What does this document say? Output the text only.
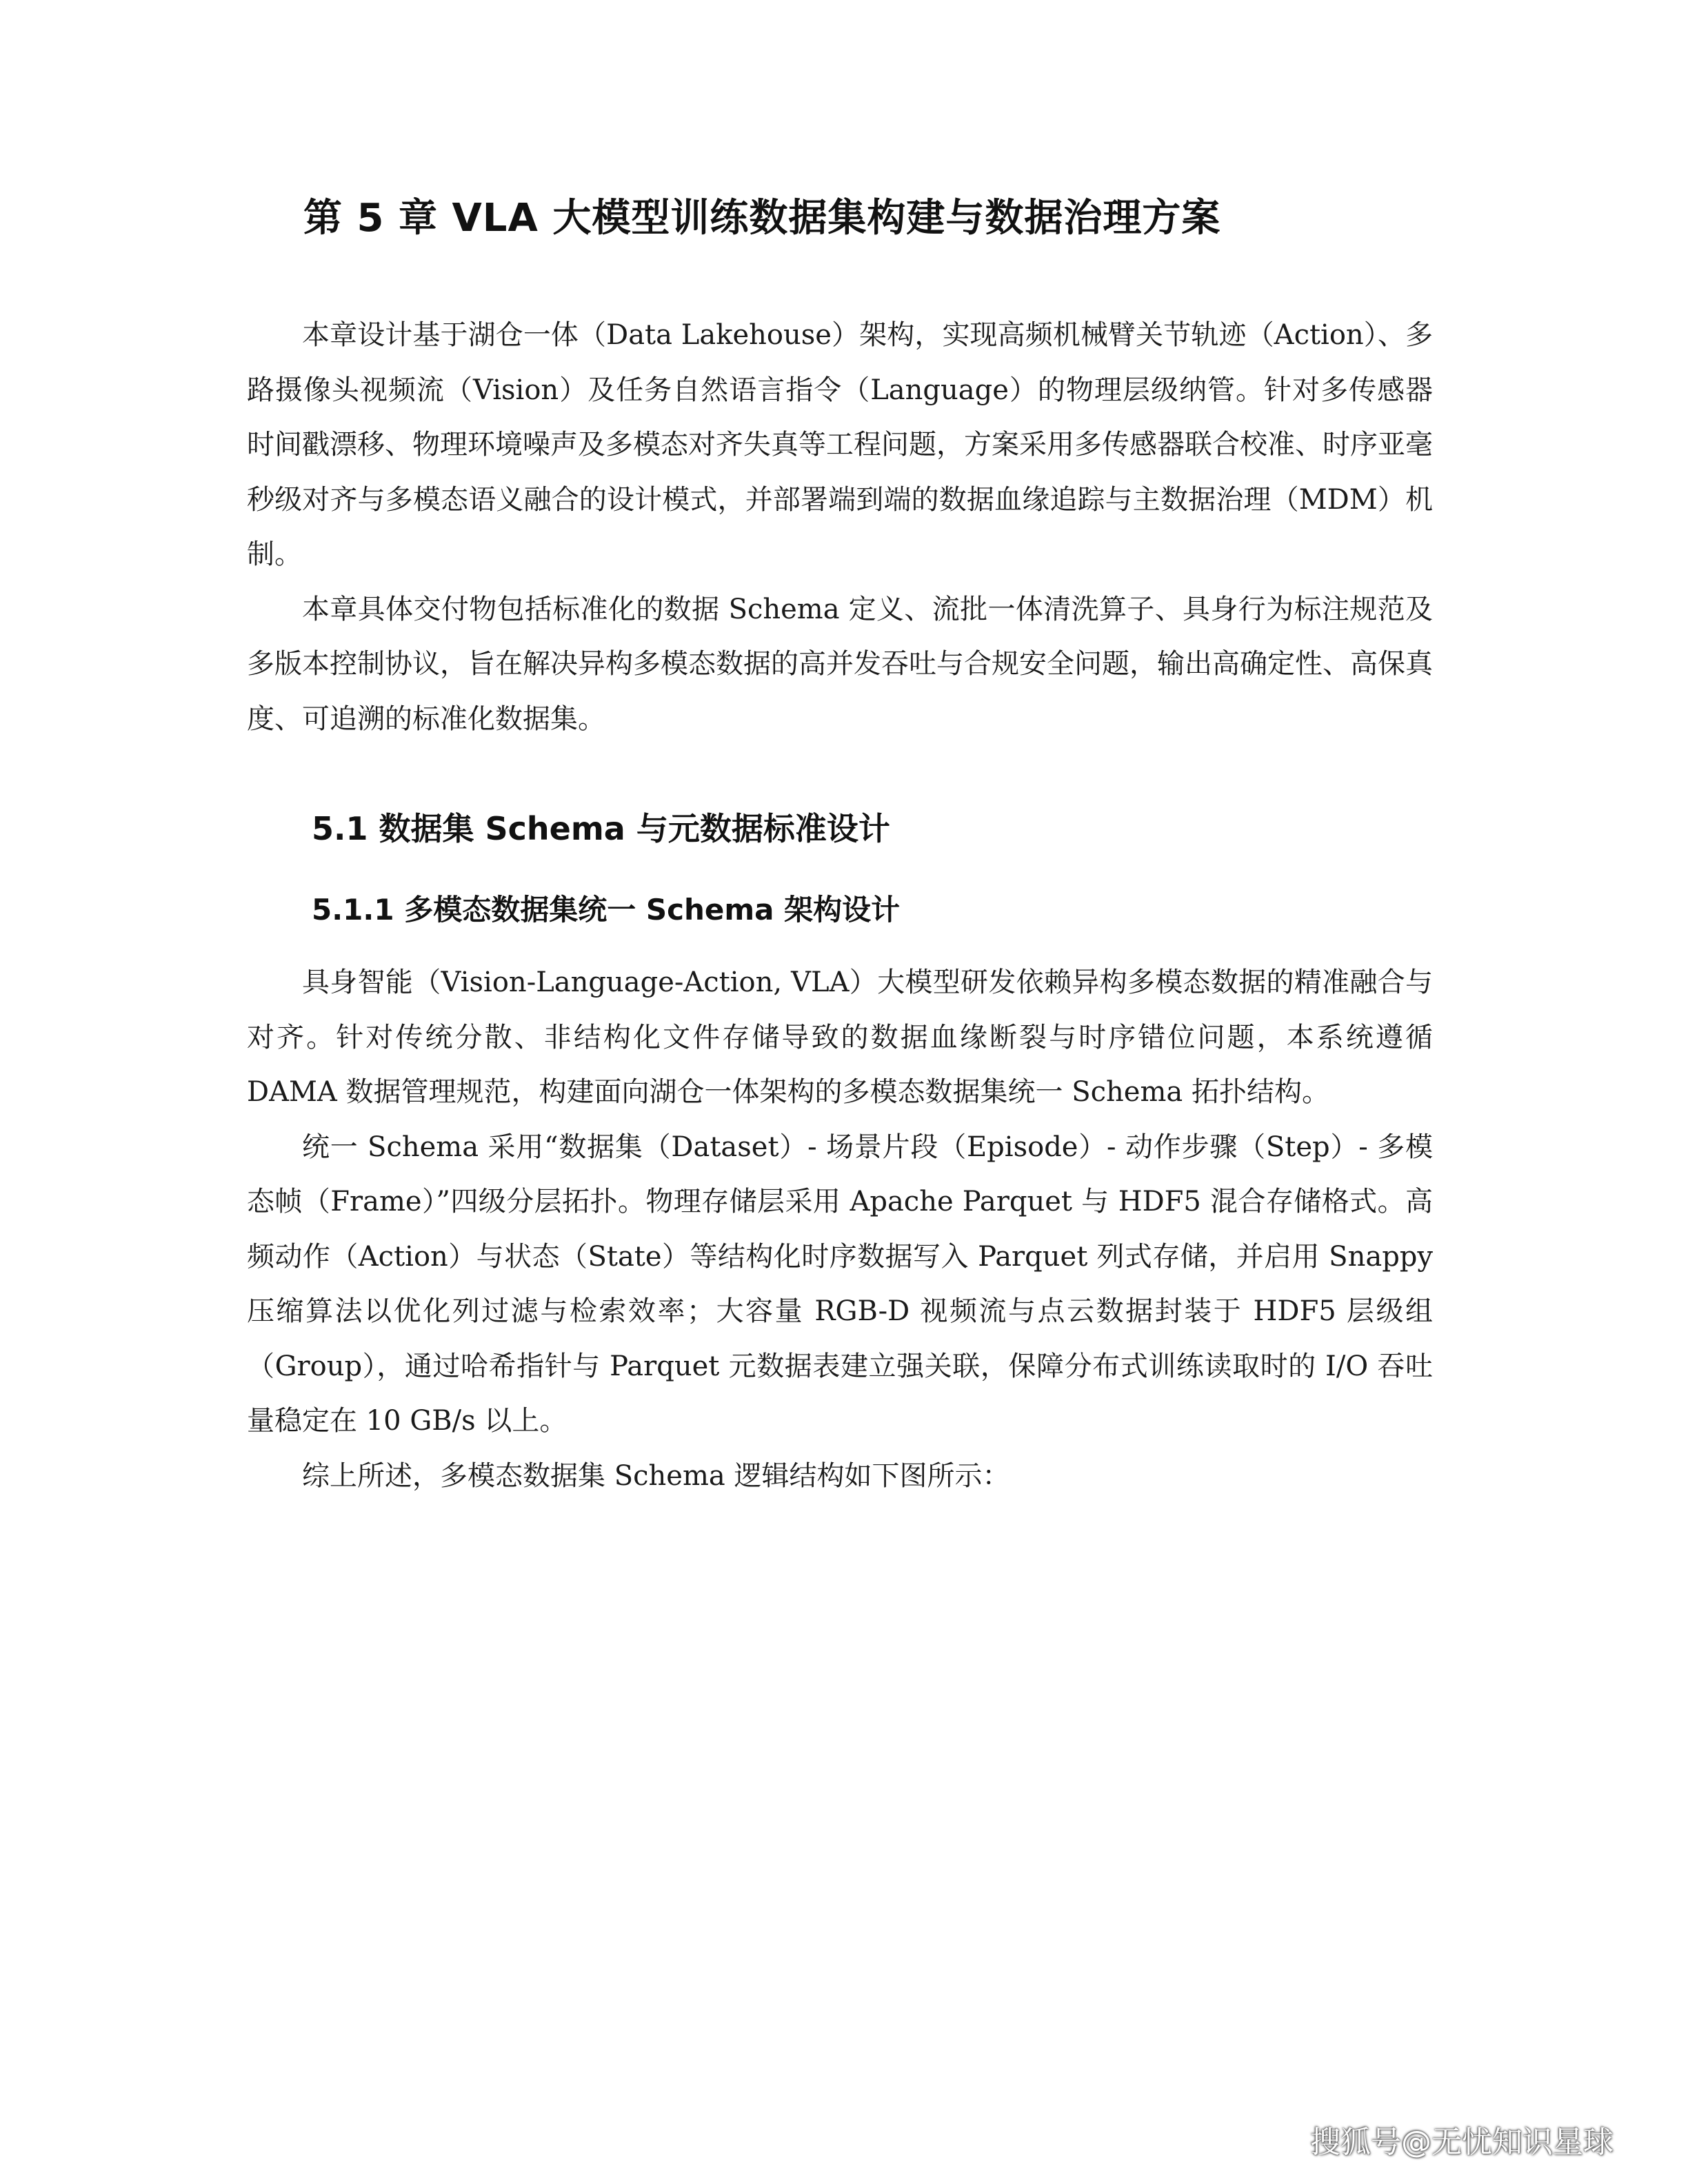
第 5 章 VLA 大模型训练数据集构建与数据治理方案

本章设计基于湖仓一体（Data Lakehouse）架构，实现高频机械臂关节轨迹（Action）、多路摄像头视频流（Vision）及任务自然语言指令（Language）的物理层级纳管。针对多传感器时间戳漂移、物理环境噪声及多模态对齐失真等工程问题，方案采用多传感器联合校准、时序亚毫秒级对齐与多模态语义融合的设计模式，并部署端到端的数据血缘追踪与主数据治理（MDM）机制。

本章具体交付物包括标准化的数据 Schema 定义、流批一体清洗算子、具身行为标注规范及多版本控制协议，旨在解决异构多模态数据的高并发吞吐与合规安全问题，输出高确定性、高保真度、可追溯的标准化数据集。

5.1 数据集 Schema 与元数据标准设计
5.1.1 多模态数据集统一 Schema 架构设计

具身智能（Vision-Language-Action, VLA）大模型研发依赖异构多模态数据的精准融合与对齐。针对传统分散、非结构化文件存储导致的数据血缘断裂与时序错位问题，本系统遵循 DAMA 数据管理规范，构建面向湖仓一体架构的多模态数据集统一 Schema 拓扑结构。

统一 Schema 采用“数据集（Dataset）- 场景片段（Episode）- 动作步骤（Step）- 多模态帧（Frame）”四级分层拓扑。物理存储层采用 Apache Parquet 与 HDF5 混合存储格式。高频动作（Action）与状态（State）等结构化时序数据写入 Parquet 列式存储，并启用 Snappy 压缩算法以优化列过滤与检索效率；大容量 RGB-D 视频流与点云数据封装于 HDF5 层级组（Group），通过哈希指针与 Parquet 元数据表建立强关联，保障分布式训练读取时的 I/O 吞吐量稳定在 10 GB/s 以上。

综上所述，多模态数据集 Schema 逻辑结构如下图所示：

搜狐号@无忧知识星球
